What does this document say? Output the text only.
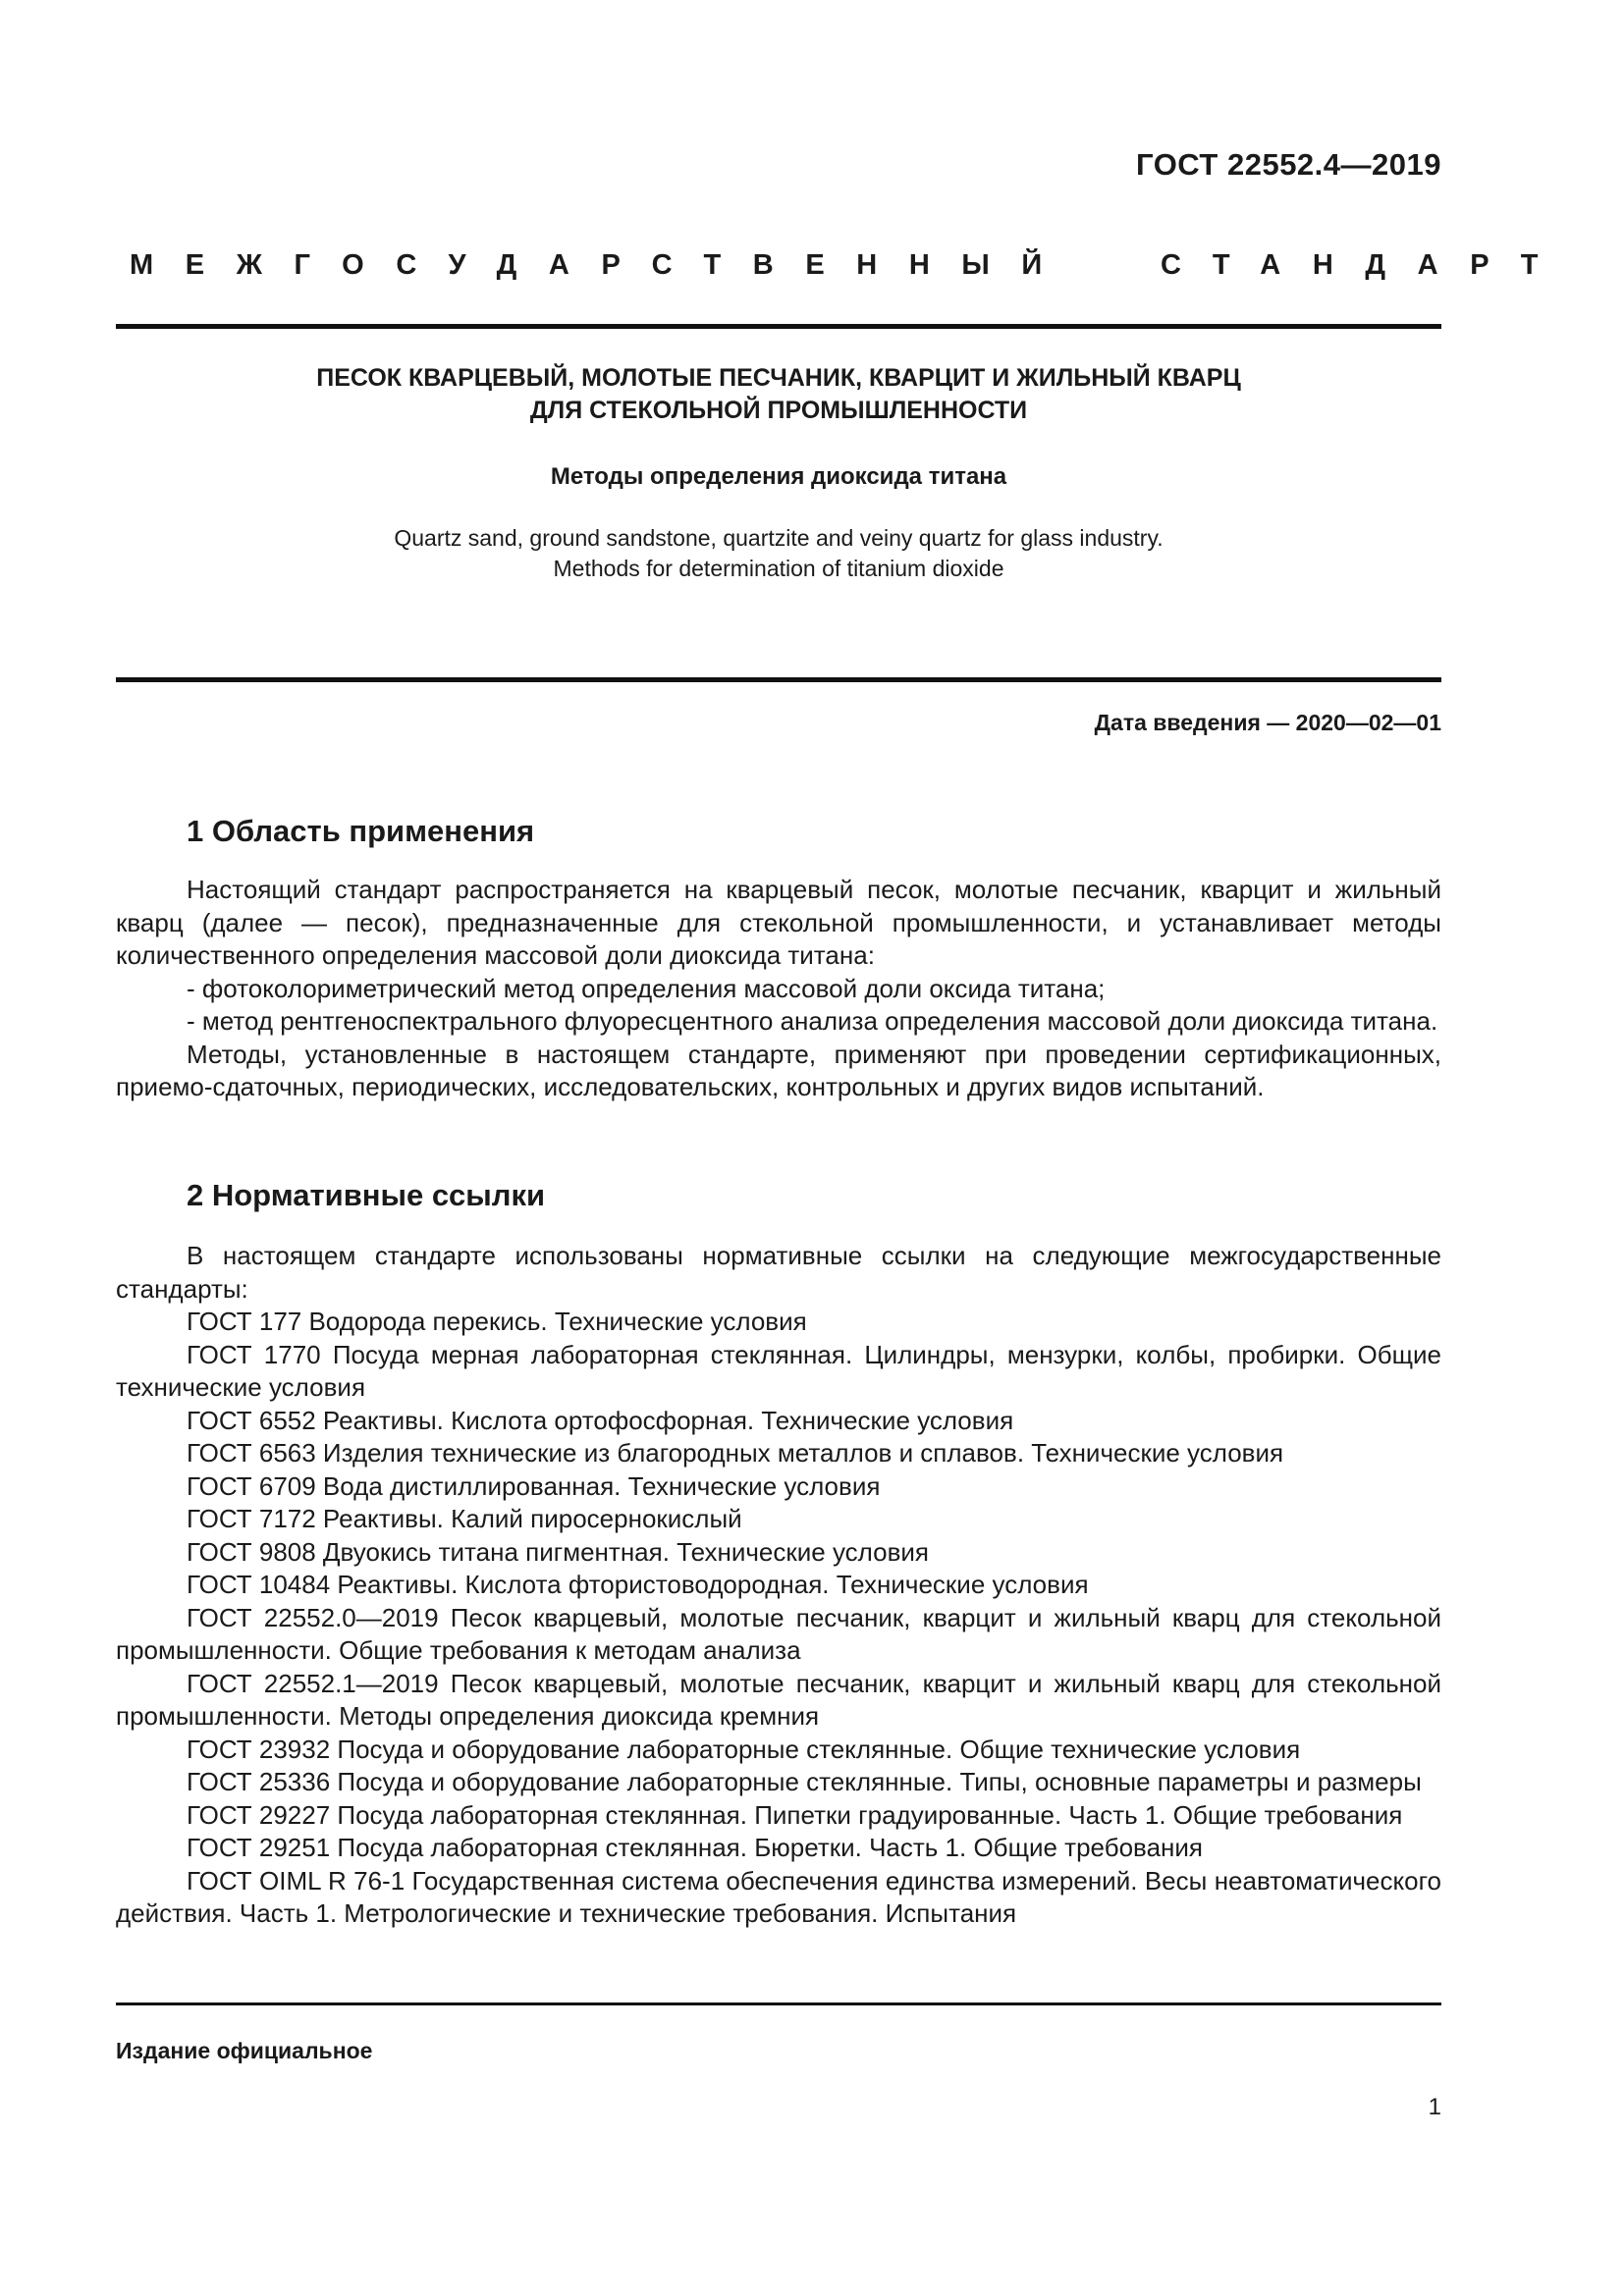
ГОСТ 22552.4—2019
МЕЖГОСУДАРСТВЕННЫЙ	СТАНДАРТ
ПЕСОК КВАРЦЕВЫЙ, МОЛОТЫЕ ПЕСЧАНИК, КВАРЦИТ И ЖИЛЬНЫЙ КВАРЦ
ДЛЯ СТЕКОЛЬНОЙ ПРОМЫШЛЕННОСТИ
Методы определения диоксида титана
Quartz sand, ground sandstone, quartzite and veiny quartz for glass industry.
Methods for determination of titanium dioxide
Дата введения — 2020—02—01
1 Область применения

Настоящий стандарт распространяется на кварцевый песок, молотые песчаник, кварцит и жильный кварц (далее — песок), предназначенные для стекольной промышленности, и устанавливает методы количественного определения массовой доли диоксида титана:

- фотоколориметрический метод определения массовой доли оксида титана;

- метод рентгеноспектрального флуоресцентного анализа определения массовой доли диоксида титана.

Методы, установленные в настоящем стандарте, применяют при проведении сертификационных, приемо-сдаточных, периодических, исследовательских, контрольных и других видов испытаний.

2 Нормативные ссылки

В настоящем стандарте использованы нормативные ссылки на следующие межгосударственные стандарты:

ГОСТ 177 Водорода перекись. Технические условия

ГОСТ 1770 Посуда мерная лабораторная стеклянная. Цилиндры, мензурки, колбы, пробирки. Общие технические условия

ГОСТ 6552 Реактивы. Кислота ортофосфорная. Технические условия

ГОСТ 6563 Изделия технические из благородных металлов и сплавов. Технические условия

ГОСТ 6709 Вода дистиллированная. Технические условия

ГОСТ 7172 Реактивы. Калий пиросернокислый

ГОСТ 9808 Двуокись титана пигментная. Технические условия

ГОСТ 10484 Реактивы. Кислота фтористоводородная. Технические условия

ГОСТ 22552.0—2019 Песок кварцевый, молотые песчаник, кварцит и жильный кварц для стекольной промышленности. Общие требования к методам анализа

ГОСТ 22552.1—2019 Песок кварцевый, молотые песчаник, кварцит и жильный кварц для стекольной промышленности. Методы определения диоксида кремния

ГОСТ 23932 Посуда и оборудование лабораторные стеклянные. Общие технические условия

ГОСТ 25336 Посуда и оборудование лабораторные стеклянные. Типы, основные параметры и размеры

ГОСТ 29227 Посуда лабораторная стеклянная. Пипетки градуированные. Часть 1. Общие требования

ГОСТ 29251 Посуда лабораторная стеклянная. Бюретки. Часть 1. Общие требования

ГОСТ OIML R 76-1 Государственная система обеспечения единства измерений. Весы неавтоматического действия. Часть 1. Метрологические и технические требования. Испытания

Издание официальное
1
